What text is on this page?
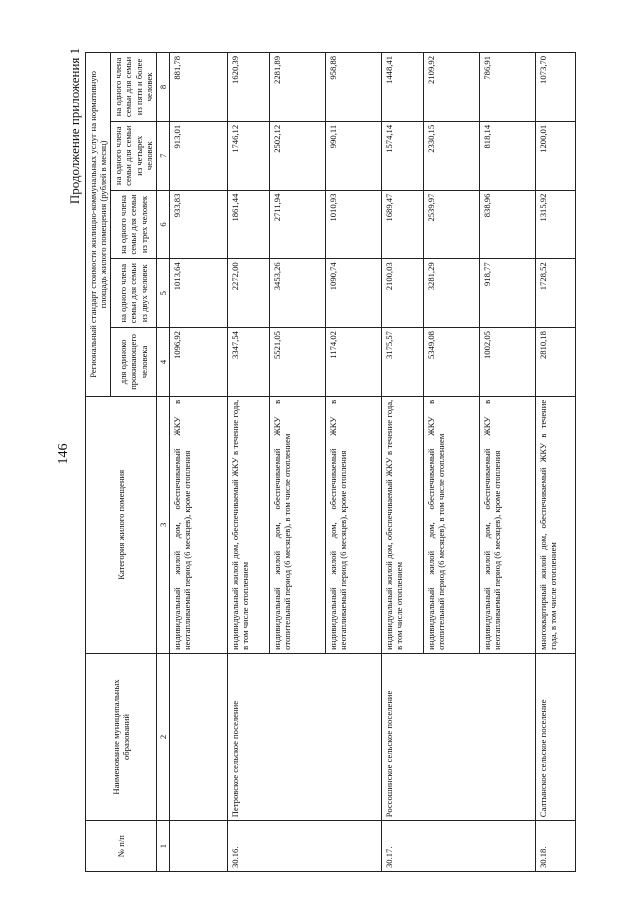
146
Продолжение приложения 1
№ п/п	Наименование муниципальных образований	Категория жилого помещения	Региональный стандарт стоимости жилищно-коммунальных услуг на нормативную площадь жилого помещения (рублей в месяц)				
			для одиноко проживающего человека	на одного члена семьи для семьи из двух человек	на одного члена семьи для семьи из трех человек	на одного члена семьи для семьи из четырех человек	на одного члена семьи для семьи из пяти и более человек
1	2	3	4	5	6	7	8
		индивидуальный жилой дом, обеспечиваемый ЖКУ в неотапливаемый период (6 месяцев), кроме отопления	1096,92	1013,64	933,83	913,01	881,78
30.16.	Петровское сельское поселение	индивидуальный жилой дом, обеспечиваемый ЖКУ в течение года, в том числе отоплением	3347,54	2272,00	1861,44	1746,12	1620,39
		индивидуальный жилой дом, обеспечиваемый ЖКУ в отопительный период (6 месяцев), в том числе отоплением	5521,05	3453,26	2711,94	2502,12	2281,89
		индивидуальный жилой дом, обеспечиваемый ЖКУ в неотапливаемый период (6 месяцев), кроме отопления	1174,02	1090,74	1010,93	990,11	958,88
30.17.	Россошинское сельское поселение	индивидуальный жилой дом, обеспечиваемый ЖКУ в течение года, в том числе отоплением	3175,57	2100,03	1689,47	1574,14	1448,41
		индивидуальный жилой дом, обеспечиваемый ЖКУ в отопительный период (6 месяцев), в том числе отоплением	5349,08	3281,29	2539,97	2330,15	2109,92
		индивидуальный жилой дом, обеспечиваемый ЖКУ в неотапливаемый период (6 месяцев), кроме отопления	1002,05	918,77	838,96	818,14	786,91
30.18.	Салтынское сельское поселение	многоквартирный жилой дом, обеспечиваемый ЖКУ в течение года, в том числе отоплением	2810,18	1728,52	1315,92	1200,01	1073,70
